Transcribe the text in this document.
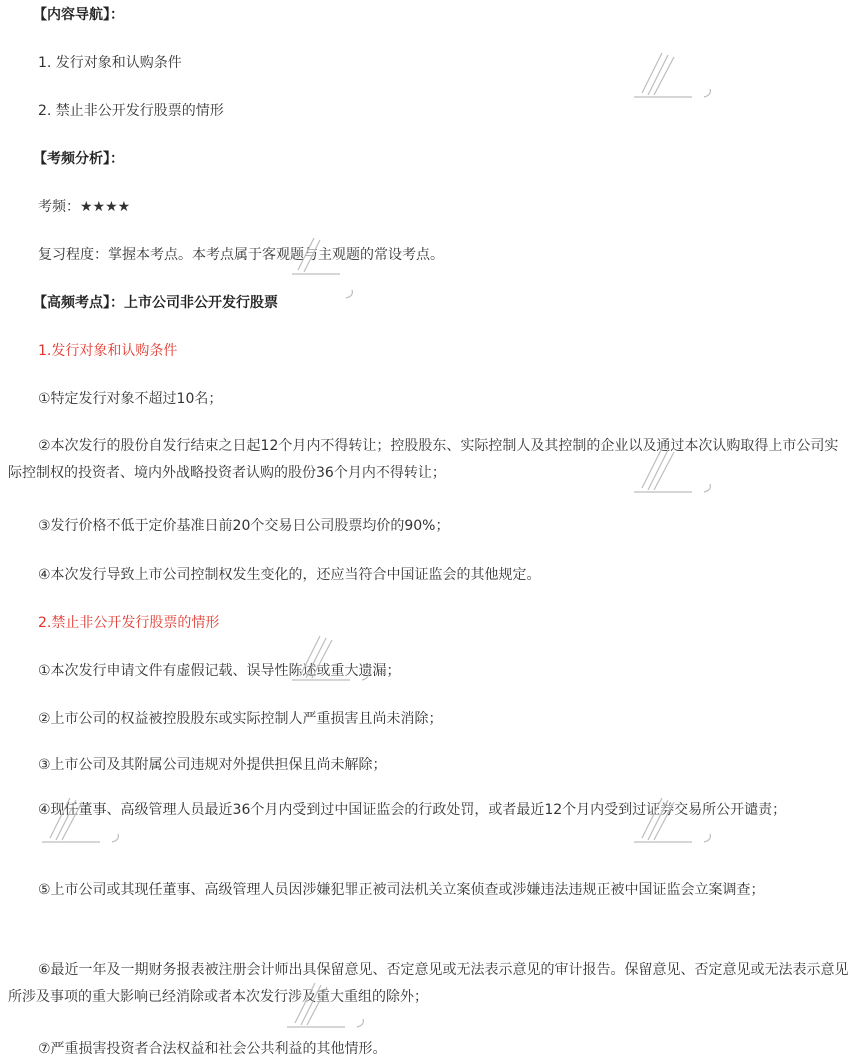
【内容导航】：
1. 发行对象和认购条件
2. 禁止非公开发行股票的情形
【考频分析】：
考频：★★★★
复习程度：掌握本考点。本考点属于客观题与主观题的常设考点。
【高频考点】：上市公司非公开发行股票
1.发行对象和认购条件
①特定发行对象不超过10名；
②本次发行的股份自发行结束之日起12个月内不得转让；控股股东、实际控制人及其控制的企业以及通过本次认购取得上市公司实际控制权的投资者、境内外战略投资者认购的股份36个月内不得转让；
③发行价格不低于定价基准日前20个交易日公司股票均价的90%；
④本次发行导致上市公司控制权发生变化的，还应当符合中国证监会的其他规定。
2.禁止非公开发行股票的情形
①本次发行申请文件有虚假记载、误导性陈述或重大遗漏；
②上市公司的权益被控股股东或实际控制人严重损害且尚未消除；
③上市公司及其附属公司违规对外提供担保且尚未解除；
④现任董事、高级管理人员最近36个月内受到过中国证监会的行政处罚，或者最近12个月内受到过证券交易所公开谴责；
⑤上市公司或其现任董事、高级管理人员因涉嫌犯罪正被司法机关立案侦查或涉嫌违法违规正被中国证监会立案调查；
⑥最近一年及一期财务报表被注册会计师出具保留意见、否定意见或无法表示意见的审计报告。保留意见、否定意见或无法表示意见所涉及事项的重大影响已经消除或者本次发行涉及重大重组的除外；
⑦严重损害投资者合法权益和社会公共利益的其他情形。
